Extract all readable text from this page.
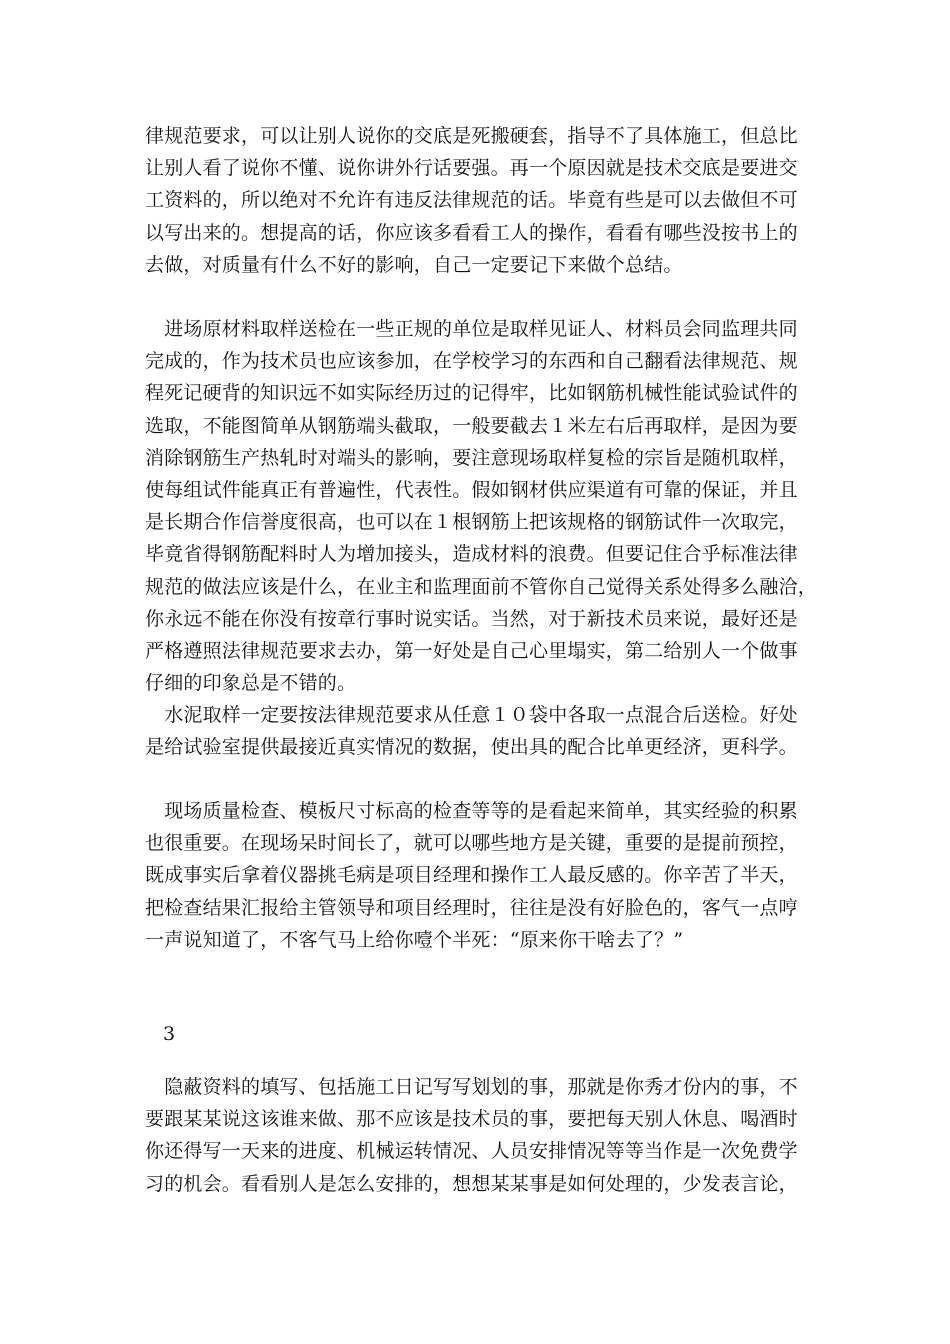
律规范要求，可以让别人说你的交底是死搬硬套，指导不了具体施工，但总比
让别人看了说你不懂、说你讲外行话要强。再一个原因就是技术交底是要进交
工资料的，所以绝对不允许有违反法律规范的话。毕竟有些是可以去做但不可
以写出来的。想提高的话，你应该多看看工人的操作，看看有哪些没按书上的
去做，对质量有什么不好的影响，自己一定要记下来做个总结。
　进场原材料取样送检在一些正规的单位是取样见证人、材料员会同监理共同
完成的，作为技术员也应该参加，在学校学习的东西和自己翻看法律规范、规
程死记硬背的知识远不如实际经历过的记得牢，比如钢筋机械性能试验试件的
选取，不能图简单从钢筋端头截取，一般要截去１米左右后再取样，是因为要
消除钢筋生产热轧时对端头的影响，要注意现场取样复检的宗旨是随机取样，
使每组试件能真正有普遍性，代表性。假如钢材供应渠道有可靠的保证，并且
是长期合作信誉度很高，也可以在１根钢筋上把该规格的钢筋试件一次取完，
毕竟省得钢筋配料时人为增加接头，造成材料的浪费。但要记住合乎标准法律
规范的做法应该是什么，在业主和监理面前不管你自己觉得关系处得多么融洽，
你永远不能在你没有按章行事时说实话。当然，对于新技术员来说，最好还是
严格遵照法律规范要求去办，第一好处是自己心里塌实，第二给别人一个做事
仔细的印象总是不错的。
　水泥取样一定要按法律规范要求从任意１０袋中各取一点混合后送检。好处
是给试验室提供最接近真实情况的数据，使出具的配合比单更经济，更科学。
　现场质量检查、模板尺寸标高的检查等等的是看起来简单，其实经验的积累
也很重要。在现场呆时间长了，就可以哪些地方是关键，重要的是提前预控，
既成事实后拿着仪器挑毛病是项目经理和操作工人最反感的。你辛苦了半天，
把检查结果汇报给主管领导和项目经理时，往往是没有好脸色的，客气一点哼
一声说知道了，不客气马上给你噎个半死：“原来你干啥去了？”
3
　隐蔽资料的填写、包括施工日记写写划划的事，那就是你秀才份内的事，不
要跟某某说这该谁来做、那不应该是技术员的事，要把每天别人休息、喝酒时
你还得写一天来的进度、机械运转情况、人员安排情况等等当作是一次免费学
习的机会。看看别人是怎么安排的，想想某某事是如何处理的，少发表言论，
